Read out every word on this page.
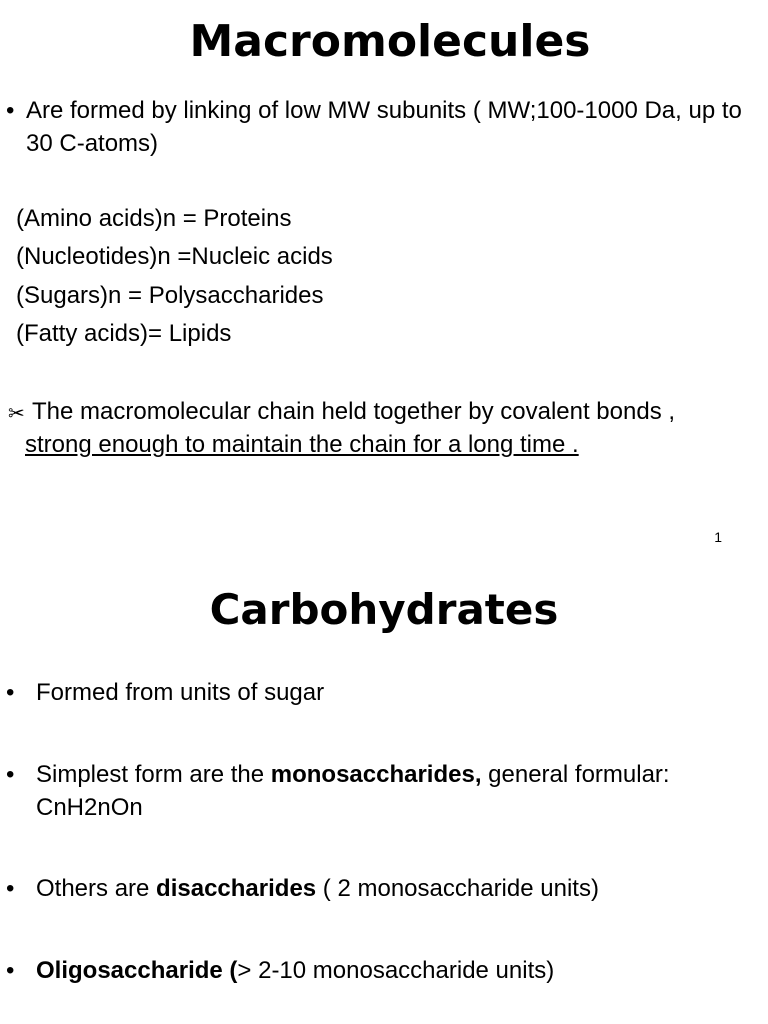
Macromolecules
• Are formed by linking of low MW subunits ( MW;100-1000 Da, up to 30 C-atoms)
(Amino acids)n = Proteins
(Nucleotides)n =Nucleic acids
(Sugars)n = Polysaccharides
(Fatty acids)= Lipids
✂ The macromolecular chain held together by covalent bonds ,
strong enough to maintain the chain for a long time .
1
Carbohydrates
• Formed from units of sugar
• Simplest form are the monosaccharides, general formular: CnH2nOn
• Others are disaccharides ( 2 monosaccharide units)
• Oligosaccharide (> 2-10 monosaccharide units)
